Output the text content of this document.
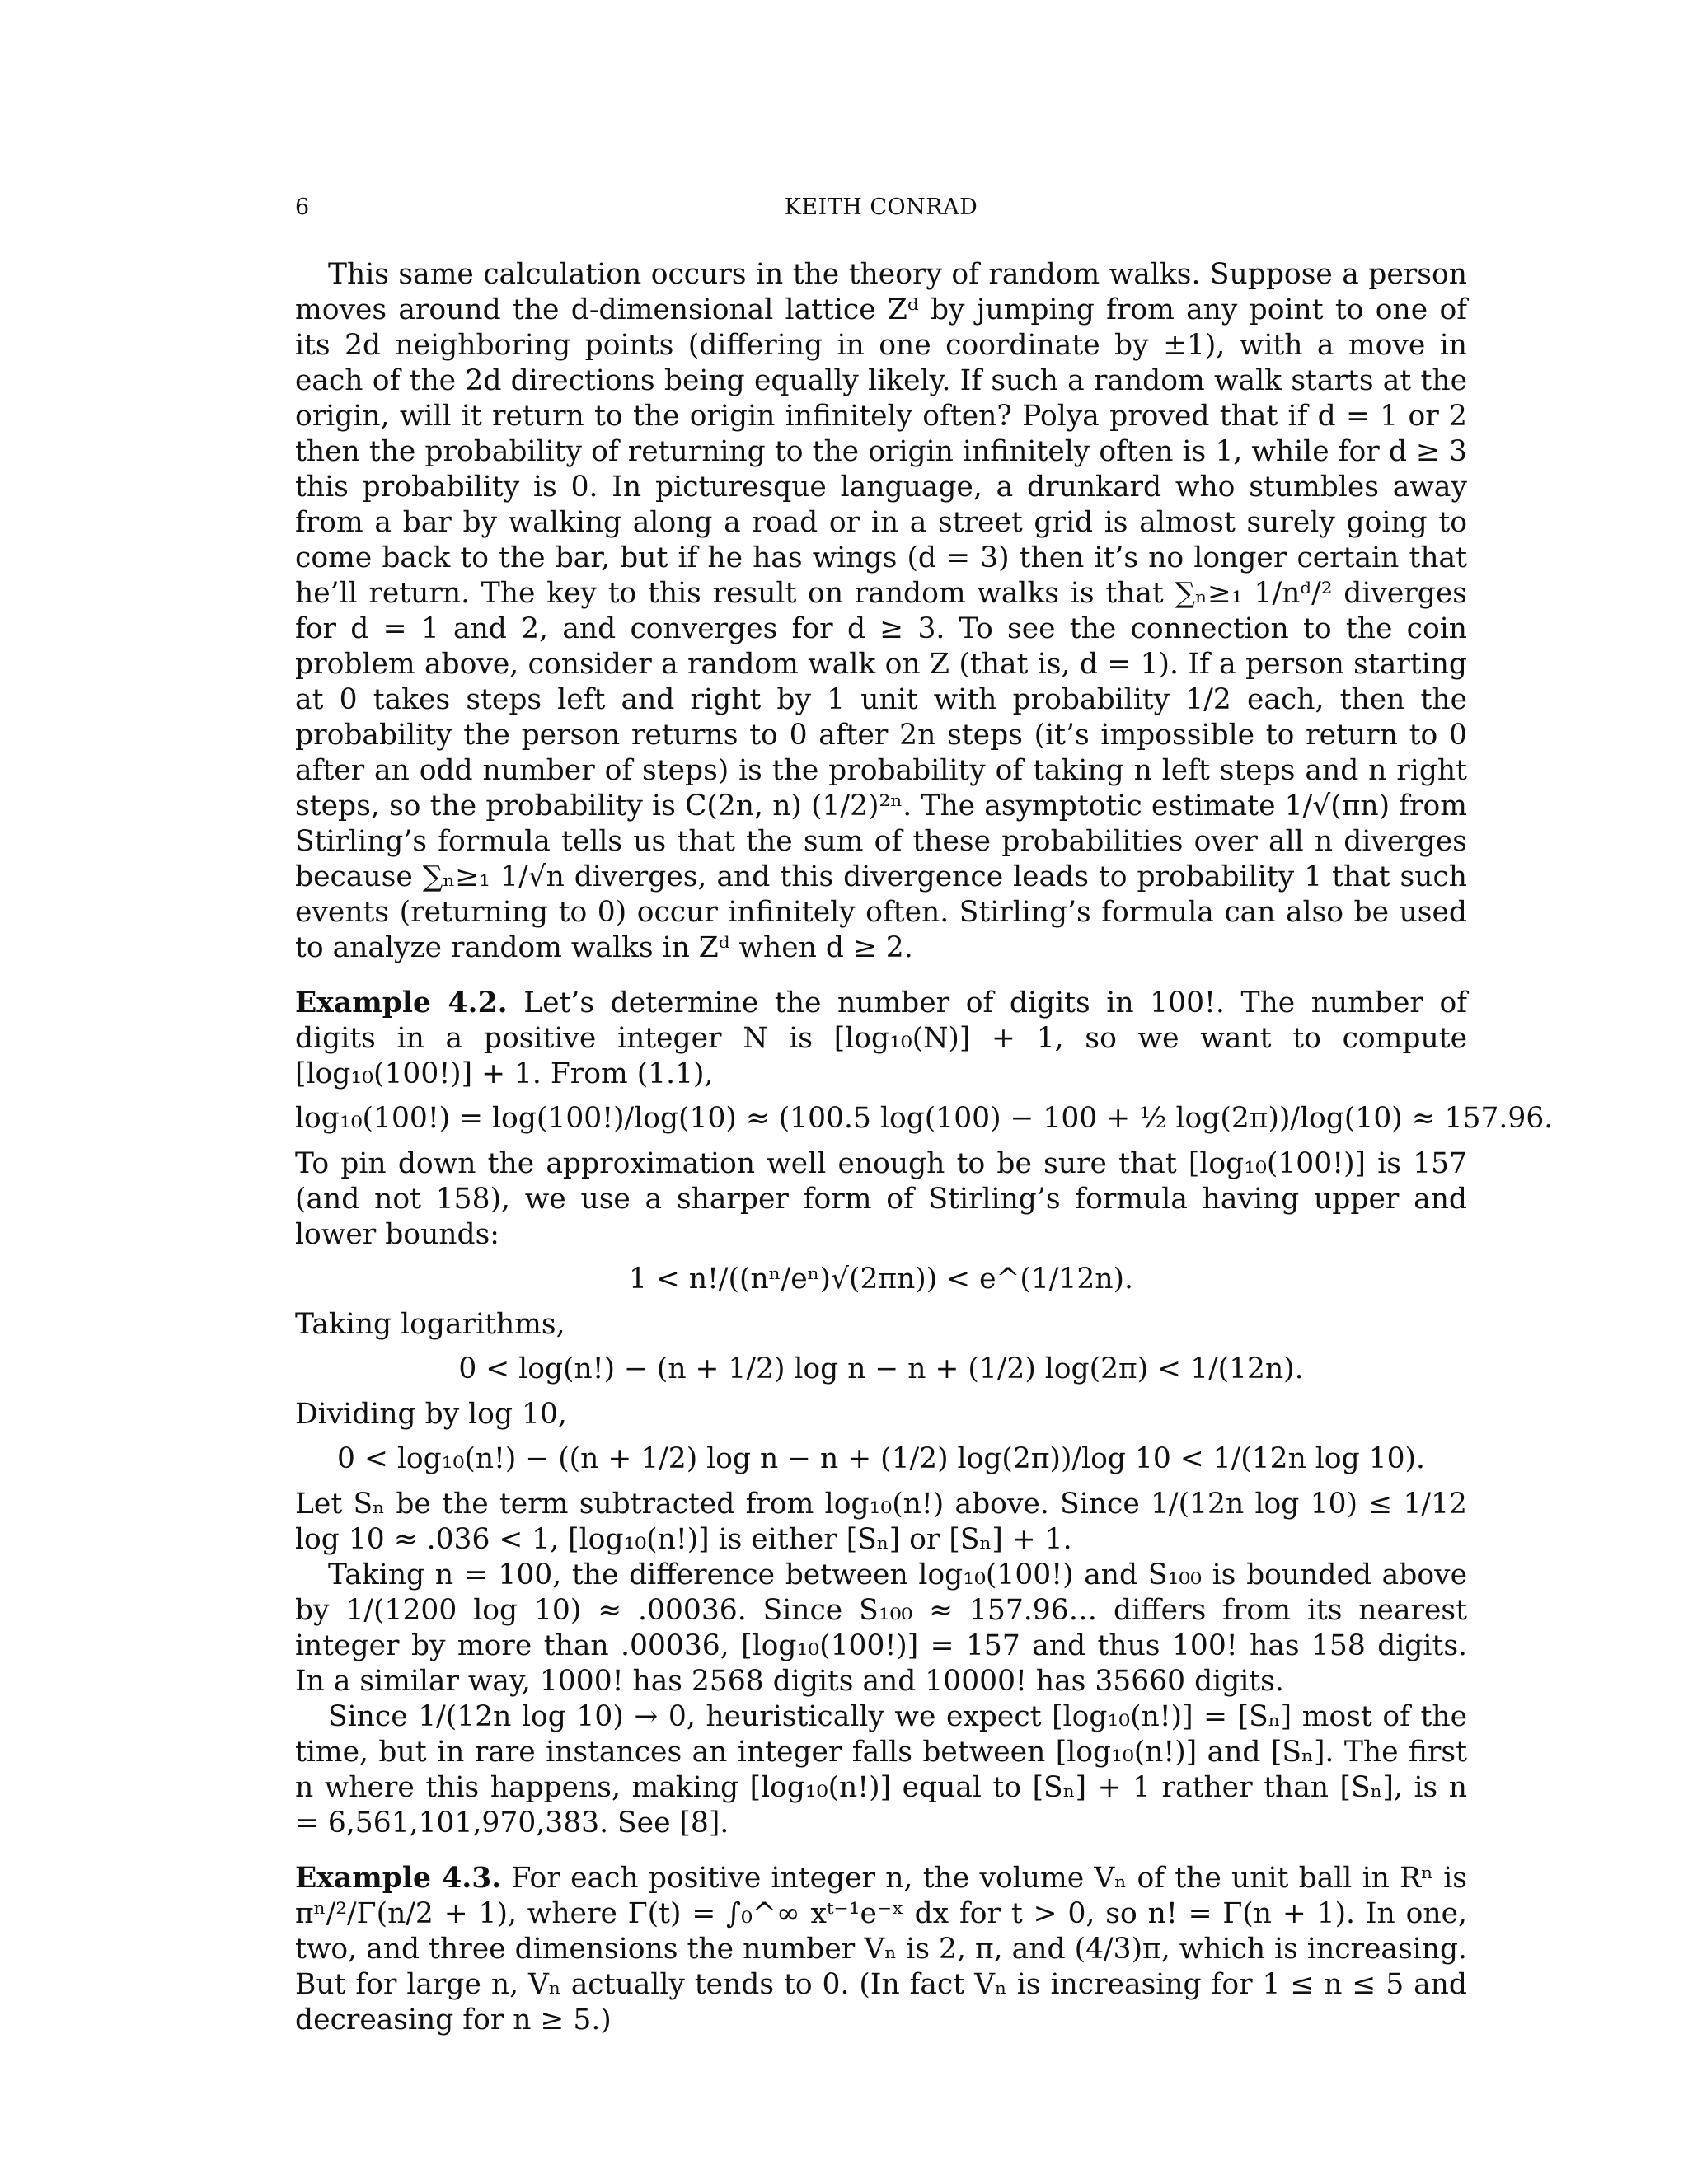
6	KEITH CONRAD

This same calculation occurs in the theory of random walks. Suppose a person moves around the d-dimensional lattice Zᵈ by jumping from any point to one of its 2d neighboring points (differing in one coordinate by ±1), with a move in each of the 2d directions being equally likely. If such a random walk starts at the origin, will it return to the origin infinitely often? Polya proved that if d = 1 or 2 then the probability of returning to the origin infinitely often is 1, while for d ≥ 3 this probability is 0. In picturesque language, a drunkard who stumbles away from a bar by walking along a road or in a street grid is almost surely going to come back to the bar, but if he has wings (d = 3) then it’s no longer certain that he’ll return. The key to this result on random walks is that ∑ₙ≥₁ 1/nᵈ/² diverges for d = 1 and 2, and converges for d ≥ 3. To see the connection to the coin problem above, consider a random walk on Z (that is, d = 1). If a person starting at 0 takes steps left and right by 1 unit with probability 1/2 each, then the probability the person returns to 0 after 2n steps (it’s impossible to return to 0 after an odd number of steps) is the probability of taking n left steps and n right steps, so the probability is C(2n, n) (1/2)²ⁿ. The asymptotic estimate 1/√(πn) from Stirling’s formula tells us that the sum of these probabilities over all n diverges because ∑ₙ≥₁ 1/√n diverges, and this divergence leads to probability 1 that such events (returning to 0) occur infinitely often. Stirling’s formula can also be used to analyze random walks in Zᵈ when d ≥ 2.

Example 4.2. Let’s determine the number of digits in 100!. The number of digits in a positive integer N is [log₁₀(N)] + 1, so we want to compute [log₁₀(100!)] + 1. From (1.1),

log₁₀(100!) = log(100!)/log(10) ≈ (100.5 log(100) − 100 + ½ log(2π))/log(10) ≈ 157.96.

To pin down the approximation well enough to be sure that [log₁₀(100!)] is 157 (and not 158), we use a sharper form of Stirling’s formula having upper and lower bounds:

1 < n!/((nⁿ/eⁿ)√(2πn)) < e^(1/12n).

Taking logarithms,

0 < log(n!) − (n + 1/2) log n − n + (1/2) log(2π) < 1/(12n).

Dividing by log 10,

0 < log₁₀(n!) − ((n + 1/2) log n − n + (1/2) log(2π))/log 10 < 1/(12n log 10).

Let Sₙ be the term subtracted from log₁₀(n!) above. Since 1/(12n log 10) ≤ 1/12 log 10 ≈ .036 < 1, [log₁₀(n!)] is either [Sₙ] or [Sₙ] + 1.

Taking n = 100, the difference between log₁₀(100!) and S₁₀₀ is bounded above by 1/(1200 log 10) ≈ .00036. Since S₁₀₀ ≈ 157.96… differs from its nearest integer by more than .00036, [log₁₀(100!)] = 157 and thus 100! has 158 digits. In a similar way, 1000! has 2568 digits and 10000! has 35660 digits.

Since 1/(12n log 10) → 0, heuristically we expect [log₁₀(n!)] = [Sₙ] most of the time, but in rare instances an integer falls between [log₁₀(n!)] and [Sₙ]. The first n where this happens, making [log₁₀(n!)] equal to [Sₙ] + 1 rather than [Sₙ], is n = 6,561,101,970,383. See [8].

Example 4.3. For each positive integer n, the volume Vₙ of the unit ball in Rⁿ is πⁿ/²/Γ(n/2 + 1), where Γ(t) = ∫₀^∞ xᵗ⁻¹e⁻ˣ dx for t > 0, so n! = Γ(n + 1). In one, two, and three dimensions the number Vₙ is 2, π, and (4/3)π, which is increasing. But for large n, Vₙ actually tends to 0. (In fact Vₙ is increasing for 1 ≤ n ≤ 5 and decreasing for n ≥ 5.)
